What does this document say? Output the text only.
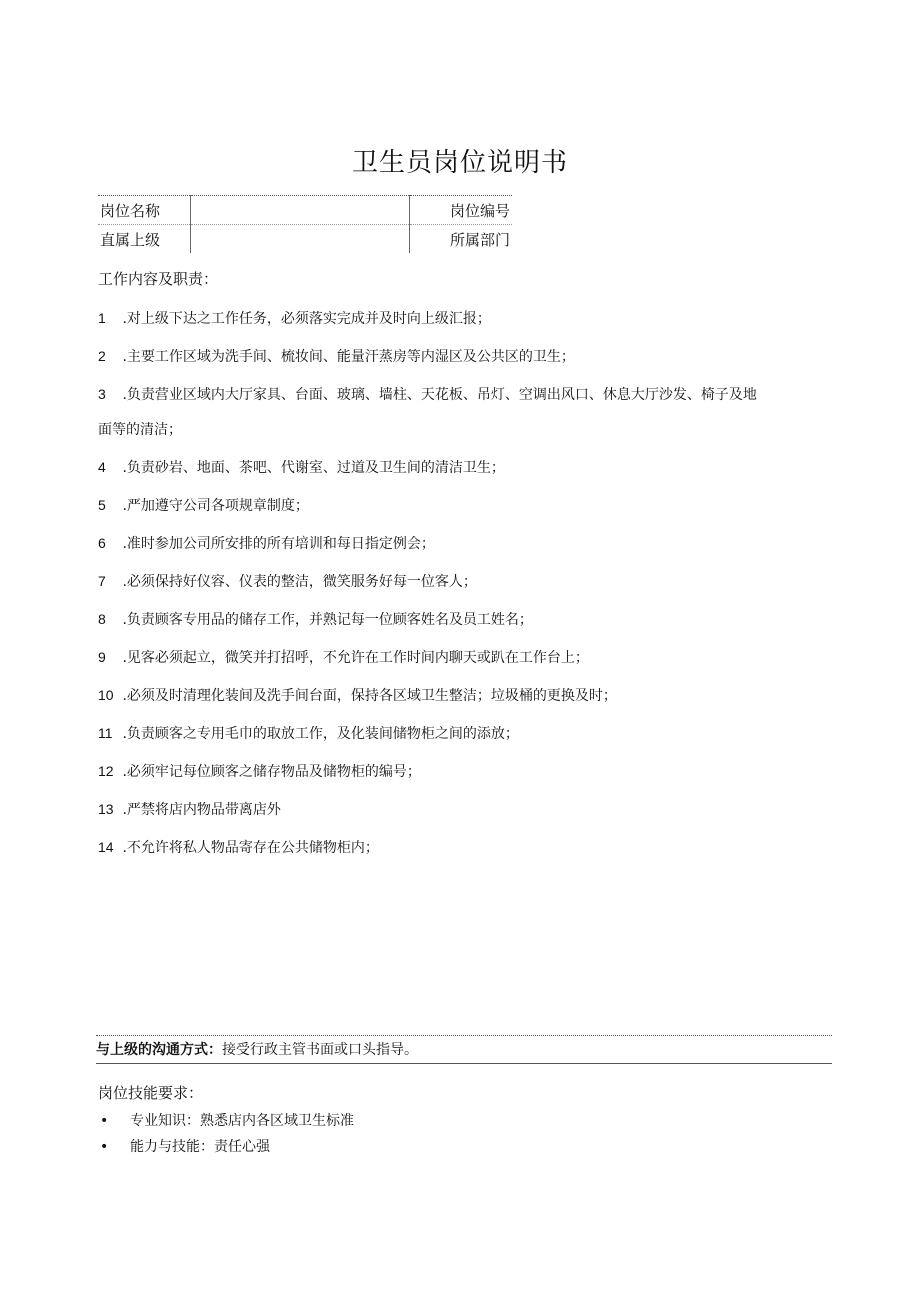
卫生员岗位说明书
岗位名称		岗位编号
直属上级		所属部门
工作内容及职责：
1 .对上级下达之工作任务，必须落实完成并及时向上级汇报；
2 .主要工作区域为洗手间、梳妆间、能量汗蒸房等内湿区及公共区的卫生；
3 .负责营业区域内大厅家具、台面、玻璃、墙柱、天花板、吊灯、空调出风口、休息大厅沙发、椅子及地
面等的清洁；
4 .负责砂岩、地面、茶吧、代谢室、过道及卫生间的清洁卫生；
5 .严加遵守公司各项规章制度；
6 .准时参加公司所安排的所有培训和每日指定例会；
7 .必须保持好仪容、仪表的整洁，微笑服务好每一位客人；
8 .负责顾客专用品的储存工作，并熟记每一位顾客姓名及员工姓名；
9 .见客必须起立，微笑并打招呼，不允许在工作时间内聊天或趴在工作台上；
10 .必须及时清理化装间及洗手间台面，保持各区域卫生整洁；垃圾桶的更换及时；
11 .负责顾客之专用毛巾的取放工作，及化装间储物柜之间的添放；
12 .必须牢记每位顾客之储存物品及储物柜的编号；
13 .严禁将店内物品带离店外
14 .不允许将私人物品寄存在公共储物柜内；
与上级的沟通方式：接受行政主管书面或口头指导。
岗位技能要求：
• 专业知识：熟悉店内各区域卫生标准
• 能力与技能：责任心强
